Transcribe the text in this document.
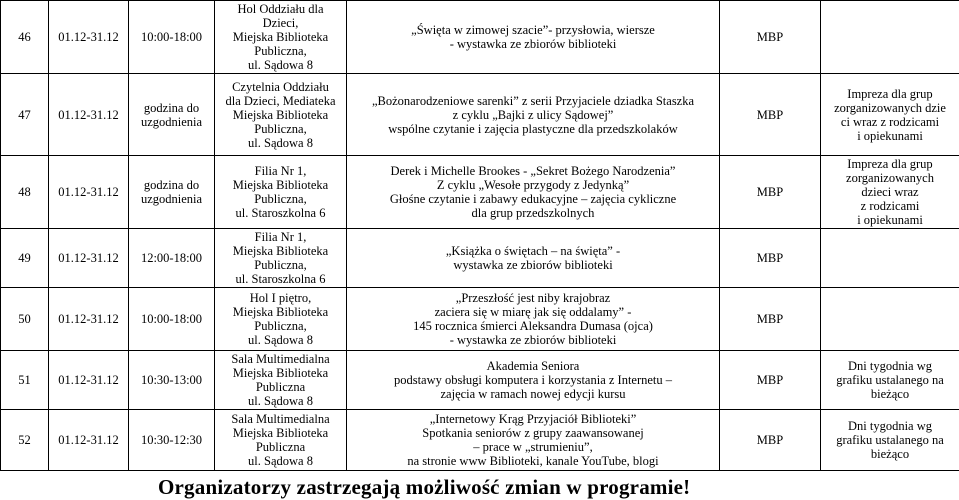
46	01.12-31.12	10:00-18:00	Hol Oddziału dla
Dzieci,
Miejska Biblioteka
Publiczna,
ul. Sądowa 8	„Święta w zimowej szacie”- przysłowia, wiersze
- wystawka ze zbiorów biblioteki	MBP	
47	01.12-31.12	godzina do
uzgodnienia	Czytelnia Oddziału
dla Dzieci, Mediateka
Miejska Biblioteka
Publiczna,
ul. Sądowa 8	„Bożonarodzeniowe sarenki” z serii Przyjaciele dziadka Staszka
z cyklu „Bajki z ulicy Sądowej”
wspólne czytanie i zajęcia plastyczne dla przedszkolaków	MBP	Impreza dla grup
zorganizowanych dzie
ci wraz z rodzicami
i opiekunami

48	01.12-31.12	godzina do
uzgodnienia	Filia Nr 1,
Miejska Biblioteka
Publiczna,
ul. Staroszkolna 6	Derek i Michelle Brookes - „Sekret Bożego Narodzenia”
Z cyklu „Wesołe przygody z Jedynką”
Głośne czytanie i zabawy edukacyjne – zajęcia cykliczne
dla grup przedszkolnych	MBP	Impreza dla grup
zorganizowanych
dzieci wraz
z rodzicami
i opiekunami

49	01.12-31.12	12:00-18:00	Filia Nr 1,
Miejska Biblioteka
Publiczna,
ul. Staroszkolna 6	„Książka o świętach – na święta” -
wystawka ze zbiorów biblioteki	MBP	
50	01.12-31.12	10:00-18:00	Hol I piętro,
Miejska Biblioteka
Publiczna,
ul. Sądowa 8	„Przeszłość jest niby krajobraz
zaciera się w miarę jak się oddalamy” -
145 rocznica śmierci Aleksandra Dumasa (ojca)
- wystawka ze zbiorów biblioteki	MBP	
51	01.12-31.12	10:30-13:00	Sala Multimedialna
Miejska Biblioteka
Publiczna
ul. Sądowa 8	Akademia Seniora
podstawy obsługi komputera i korzystania z Internetu –
zajęcia w ramach nowej edycji kursu	MBP	Dni tygodnia wg
grafiku ustalanego na
bieżąco

52	01.12-31.12	10:30-12:30	Sala Multimedialna
Miejska Biblioteka
Publiczna
ul. Sądowa 8	„Internetowy Krąg Przyjaciół Biblioteki”
Spotkania seniorów z grupy zaawansowanej
– prace w „strumieniu”,
na stronie www Biblioteki, kanale YouTube, blogi	MBP	Dni tygodnia wg
grafiku ustalanego na
bieżąco
Organizatorzy zastrzegają możliwość zmian w programie!
